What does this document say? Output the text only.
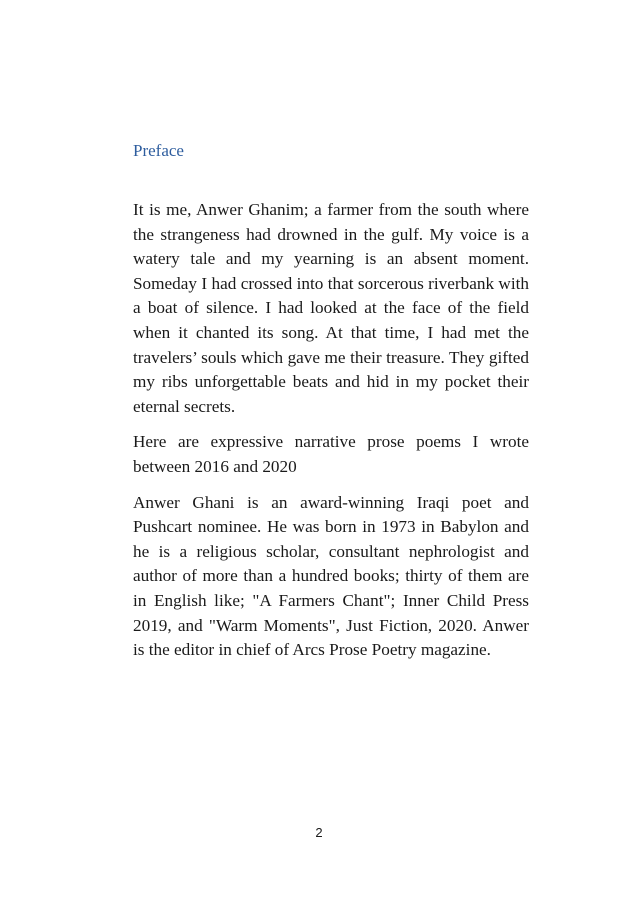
Preface

It is me, Anwer Ghanim; a farmer from the south where the strangeness had drowned in the gulf. My voice is a watery tale and my yearning is an absent moment. Someday I had crossed into that sorcerous riverbank with a boat of silence. I had looked at the face of the field when it chanted its song. At that time, I had met the travelers’ souls which gave me their treasure. They gifted my ribs unforgettable beats and hid in my pocket their eternal secrets.

Here are expressive narrative prose poems I wrote between 2016 and 2020

Anwer Ghani is an award-winning Iraqi poet and Pushcart nominee. He was born in 1973 in Babylon and he is a religious scholar, consultant nephrologist and author of more than a hundred books; thirty of them are in English like; "A Farmers Chant"; Inner Child Press 2019, and "Warm Moments", Just Fiction, 2020. Anwer is the editor in chief of Arcs Prose Poetry magazine.

2
